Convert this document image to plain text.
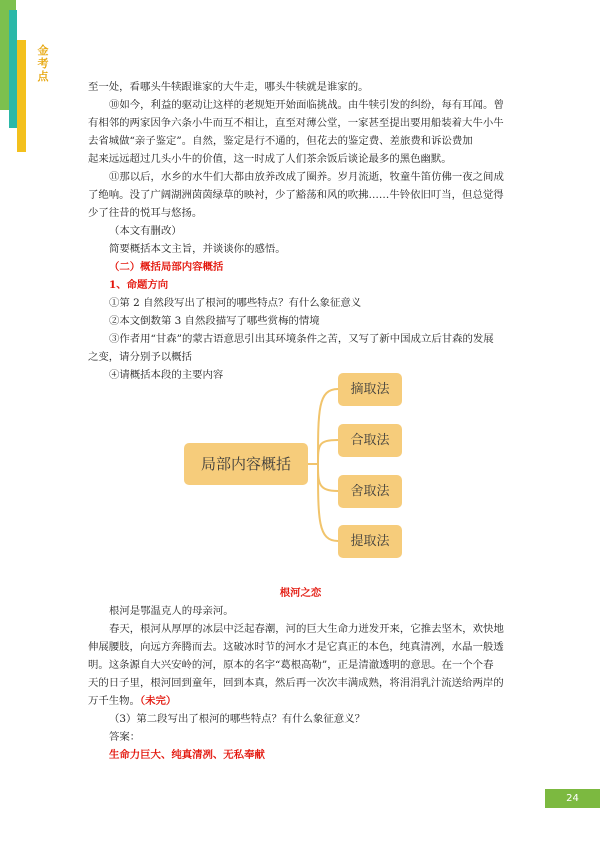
金
考
点
至一处，看哪头牛犊跟谁家的大牛走，哪头牛犊就是谁家的。
⑩如今，利益的驱动让这样的老规矩开始面临挑战。由牛犊引发的纠纷，每有耳闻。曾
有相邻的两家因争六条小牛而互不相让，直至对薄公堂，一家甚至提出要用船装着大牛小牛
去省城做“亲子鉴定”。自然，鉴定是行不通的，但花去的鉴定费、差旅费和诉讼费加
起来远远超过几头小牛的价值，这一时成了人们茶余饭后谈论最多的黑色幽默。
⑪那以后，水乡的水牛们大都由放养改成了圈养。岁月流逝，牧童牛笛仿佛一夜之间成
了绝响。没了广阔湖洲茵茵绿草的映衬，少了豁荡和风的吹拂……牛铃依旧叮当，但总觉得
少了往昔的悦耳与悠扬。
（本文有删改）
简要概括本文主旨，并谈谈你的感悟。
（二）概括局部内容概括
1、命题方向
①第 2 自然段写出了根河的哪些特点？有什么象征意义
②本文倒数第 3 自然段描写了哪些赏梅的情境
③作者用“甘森”的蒙古语意思引出其环境条件之苦，又写了新中国成立后甘森的发展
之变，请分别予以概括
④请概括本段的主要内容
根河之恋
根河是鄂温克人的母亲河。
春天，根河从厚厚的冰层中泛起春潮，河的巨大生命力迸发开来，它推去坚木，欢快地
伸展腰肢，向远方奔腾而去。这破冰时节的河水才是它真正的本色，纯真清冽，水晶一般透
明。这条源自大兴安岭的河，原本的名字“葛根高勒”，正是清澈透明的意思。在一个个春
天的日子里，根河回到童年，回到本真，然后再一次次丰满成熟，将涓涓乳汁流送给两岸的
万千生物。（未完）
（3）第二段写出了根河的哪些特点？有什么象征意义？
答案：
生命力巨大、纯真清冽、无私奉献
局部内容概括
摘取法
合取法
舍取法
提取法
24
